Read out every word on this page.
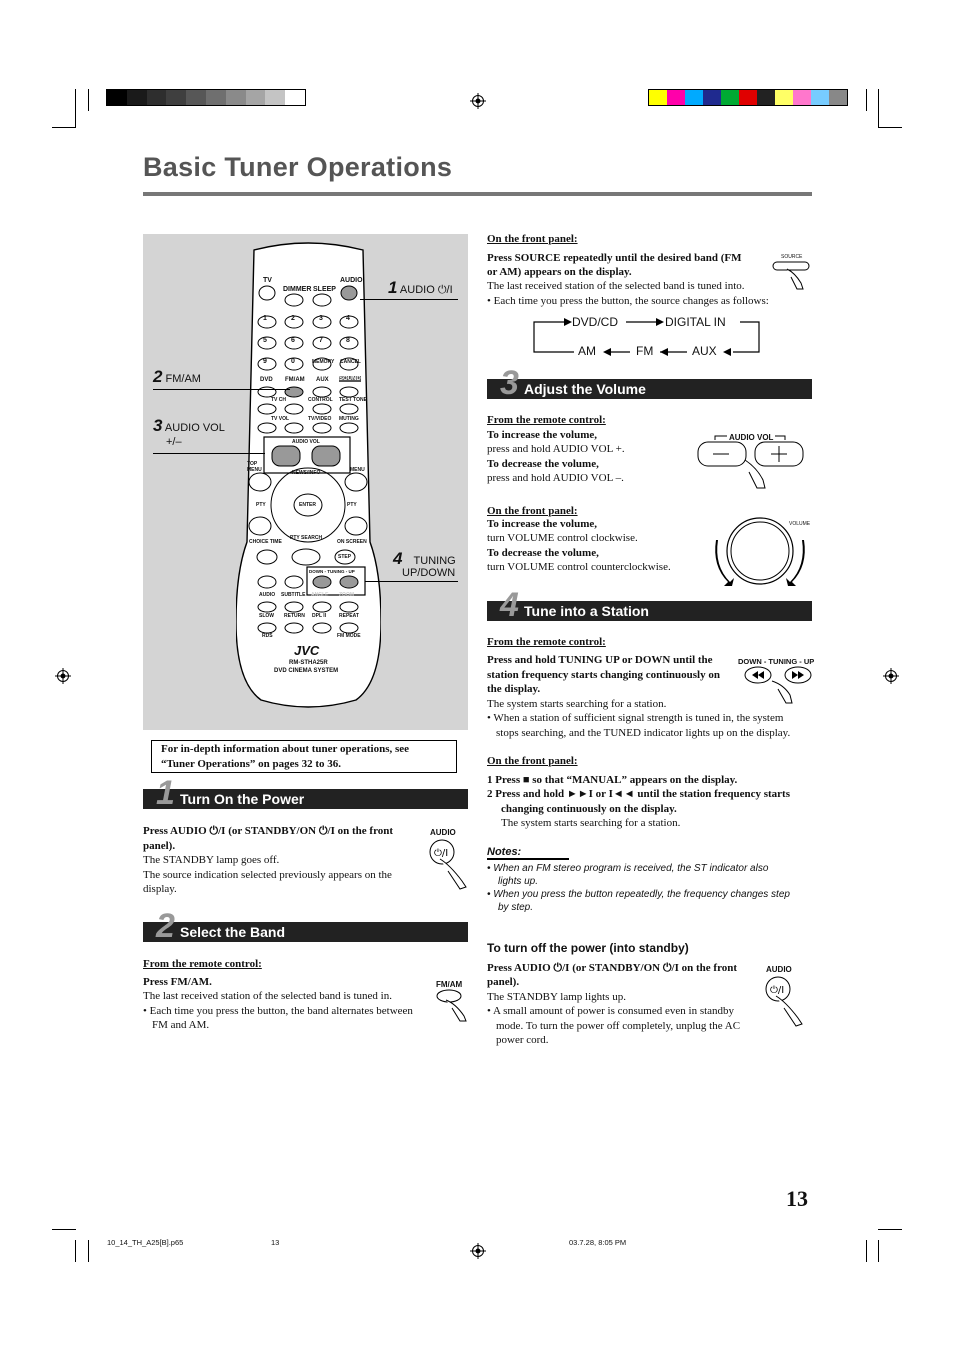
Basic Tuner Operations
TV
DIMMER SLEEP
AUDIO
1	2	3	4
5	6	7	8
9	0	MEMORY CANCEL
DVD FM/AM AUX SOUND
TV CH	CONTROL TEST TONE
TV VOL	TV/VIDEO MUTING
AUDIO VOL
TOP MENU	NEWS/INFO	MENU
PTY	ENTER	PTY
CHOICE TIME
PTY SEARCH
ON SCREEN
STEP
DOWN - TUNING - UP
AUDIO SUBTITLE ANGLE ZOOM
SLOW RETURN DPL II	REPEAT
RDS	FM MODE
JVC
RM-STHA25R
DVD CINEMA SYSTEM
1 AUDIO ⏻/I
2 FM/AM
3 AUDIO VOL
+/–
4 TUNING
UP/DOWN
For in-depth information about tuner operations, see
“Tuner Operations” on pages 32 to 36.
Turn On the Power
1
Press AUDIO ⏻/I (or STANDBY/ON ⏻/I on the front
panel).
The STANDBY lamp goes off.
The source indication selected previously appears on the
display.
AUDIO
⏻/I
Select the Band
2
From the remote control:
Press FM/AM.
The last received station of the selected band is tuned in.
• Each time you press the button, the band alternates between
FM and AM.
FM/AM
On the front panel:
Press SOURCE repeatedly until the desired band (FM
or AM) appears on the display.
The last received station of the selected band is tuned into.
• Each time you press the button, the source changes as follows:
SOURCE
DVD/CD	DIGITAL IN
AUX
FM
AM
Adjust the Volume
3
From the remote control:
To increase the volume,
press and hold AUDIO VOL +.
To decrease the volume,
press and hold AUDIO VOL –.
AUDIO VOL
On the front panel:
To increase the volume,
turn VOLUME control clockwise.
To decrease the volume,
turn VOLUME control counterclockwise.
VOLUME
Tune into a Station
4
From the remote control:
Press and hold TUNING UP or DOWN until the
station frequency starts changing continuously on
the display.
The system starts searching for a station.
• When a station of sufficient signal strength is tuned in, the system
stops searching, and the TUNED indicator lights up on the display.
DOWN - TUNING - UP
On the front panel:
1 Press ■ so that “MANUAL” appears on the display.
2 Press and hold ►►I or I◄◄ until the station frequency starts
changing continuously on the display.
The system starts searching for a station.
Notes:
• When an FM stereo program is received, the ST indicator also
lights up.
• When you press the button repeatedly, the frequency changes step
by step.
To turn off the power (into standby)
Press AUDIO ⏻/I (or STANDBY/ON ⏻/I on the front
panel).
The STANDBY lamp lights up.
• A small amount of power is consumed even in standby
mode. To turn the power off completely, unplug the AC
power cord.
AUDIO
⏻/I
13
10_14_TH_A25[B].p65	13	03.7.28, 8:05 PM
